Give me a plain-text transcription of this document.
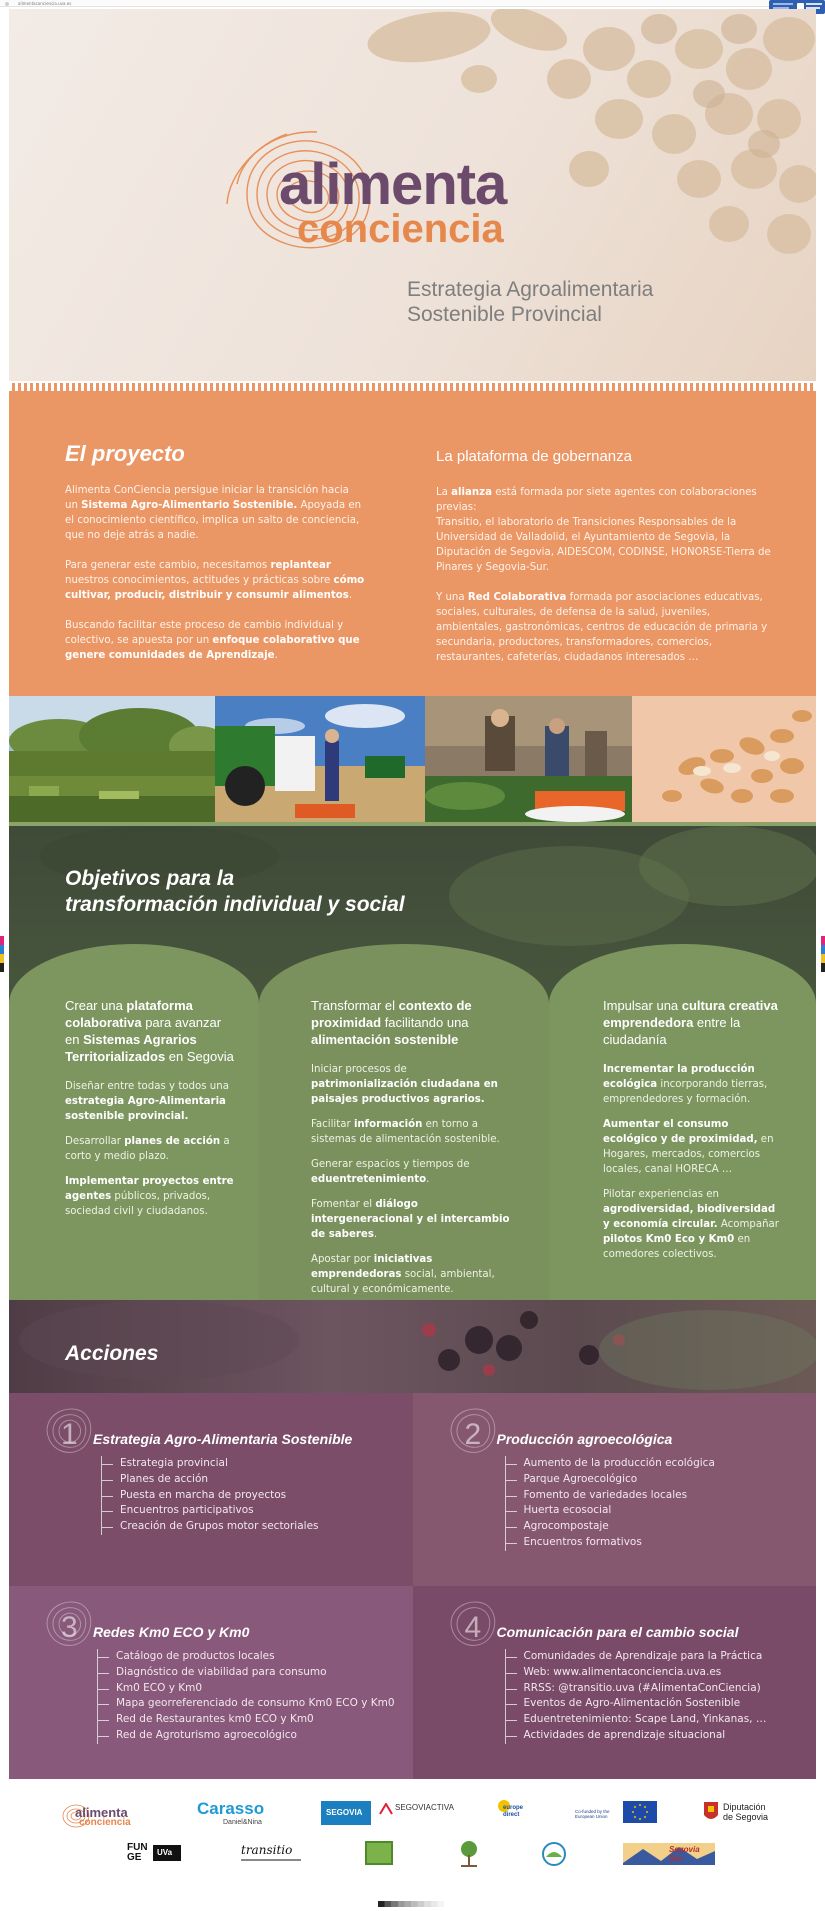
alimentaconciencia.uva.es
alimenta
conciencia
Estrategia Agroalimentaria
Sostenible Provincial
El proyecto

Alimenta ConCiencia persigue iniciar la transición hacia un Sistema Agro-Alimentario Sostenible. Apoyada en el conocimiento científico, implica un salto de conciencia, que no deje atrás a nadie.

Para generar este cambio, necesitamos replantear nuestros conocimientos, actitudes y prácticas sobre cómo cultivar, producir, distribuir y consumir alimentos.

Buscando facilitar este proceso de cambio individual y colectivo, se apuesta por un enfoque colaborativo que genere comunidades de Aprendizaje.

La plataforma de gobernanza

La alianza está formada por siete agentes con colaboraciones previas:
Transitio, el laboratorio de Transiciones Responsables de la Universidad de Valladolid, el Ayuntamiento de Segovia, la Diputación de Segovia, AIDESCOM, CODINSE, HONORSE-Tierra de Pinares y Segovia-Sur.

Y una Red Colaborativa formada por asociaciones educativas, sociales, culturales, de defensa de la salud, juveniles, ambientales, gastronómicas, centros de educación de primaria y secundaria, productores, transformadores, comercios, restaurantes, cafeterías, ciudadanos interesados …

Objetivos para la
transformación individual y social
Crear una plataforma colaborativa para avanzar en Sistemas Agrarios Territorializados en Segovia

Diseñar entre todas y todos una estrategia Agro-Alimentaria sostenible provincial.

Desarrollar planes de acción a corto y medio plazo.

Implementar proyectos entre agentes públicos, privados, sociedad civil y ciudadanos.

Transformar el contexto de proximidad facilitando una alimentación sostenible

Iniciar procesos de patrimonialización ciudadana en paisajes productivos agrarios.

Facilitar información en torno a sistemas de alimentación sostenible.

Generar espacios y tiempos de eduentretenimiento.

Fomentar el diálogo intergeneracional y el intercambio de saberes.

Apostar por iniciativas emprendedoras social, ambiental, cultural y económicamente.

Impulsar una cultura creativa emprendedora entre la ciudadanía

Incrementar la producción ecológica incorporando tierras, emprendedores y formación.

Aumentar el consumo ecológico y de proximidad, en Hogares, mercados, comercios locales, canal HORECA …

Pilotar experiencias en agrodiversidad, biodiversidad y economía circular. Acompañar pilotos Km0 Eco y Km0 en comedores colectivos.

Acciones
1 Estrategia Agro-Alimentaria Sostenible
Estrategia provincial
Planes de acción
Puesta en marcha de proyectos
Encuentros participativos
Creación de Grupos motor sectoriales
2 Producción agroecológica
Aumento de la producción ecológica
Parque Agroecológico
Fomento de variedades locales
Huerta ecosocial
Agrocompostaje
Encuentros formativos
3 Redes Km0 ECO y Km0
Catálogo de productos locales
Diagnóstico de viabilidad para consumo
Km0 ECO y Km0
Mapa georreferenciado de consumo Km0 ECO y Km0
Red de Restaurantes km0 ECO y Km0
Red de Agroturismo agroecológico
4 Comunicación para el cambio social
Comunidades de Aprendizaje para la Práctica
Web: www.alimentaconciencia.uva.es
RRSS: @transitio.uva (#AlimentaConCiencia)
Eventos de Agro-Alimentación Sostenible
Eduentretenimiento: Scape Land, Yinkanas, …
Actividades de aprendizaje situacional
alimenta
conciencia
Carasso
Daniel&Nina
SEGOVIA
SEGOVIACTIVA	europe direct
Co-funded by the European Union
Diputación
de Segovia
FUN GE	UVa	transitio	Segovia Sur
